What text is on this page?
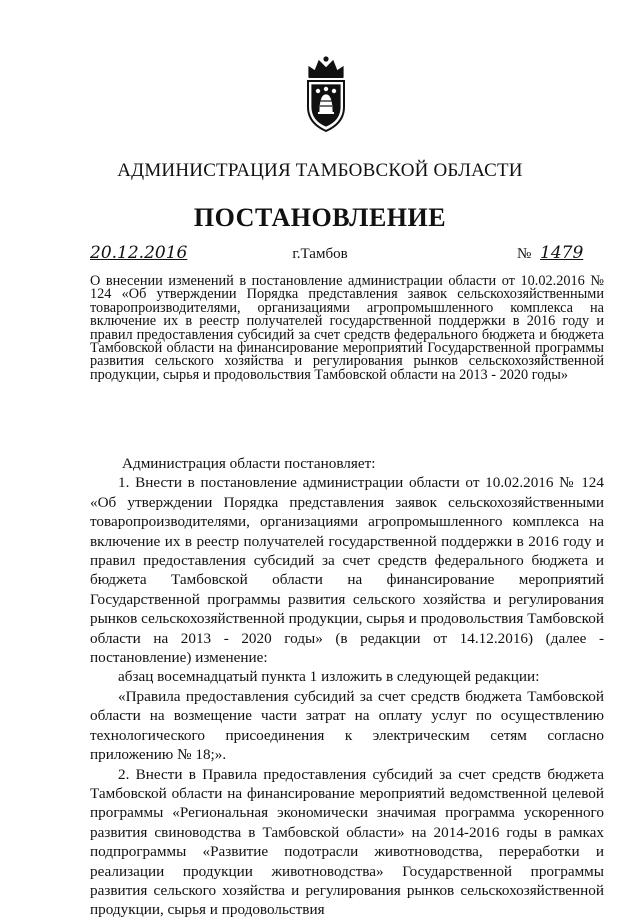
АДМИНИСТРАЦИЯ ТАМБОВСКОЙ ОБЛАСТИ
ПОСТАНОВЛЕНИЕ
20.12.2016	г.Тамбов	№ 1479
О внесении изменений в постановление администрации области от 10.02.2016 № 124 «Об утверждении Порядка представления заявок сельскохозяйственными товаропроизводителями, организациями агропромышленного комплекса на включение их в реестр получателей государственной поддержки в 2016 году и правил предоставления субсидий за счет средств федерального бюджета и бюджета Тамбовской области на финансирование мероприятий Государственной программы развития сельского хозяйства и регулирования рынков сельскохозяйственной продукции, сырья и продовольствия Тамбовской области на 2013 - 2020 годы»

Администрация области постановляет:

1. Внести в постановление администрации области от 10.02.2016 № 124 «Об утверждении Порядка представления заявок сельскохозяйственными товаропроизводителями, организациями агропромышленного комплекса на включение их в реестр получателей государственной поддержки в 2016 году и правил предоставления субсидий за счет средств федерального бюджета и бюджета Тамбовской области на финансирование мероприятий Государственной программы развития сельского хозяйства и регулирования рынков сельскохозяйственной продукции, сырья и продовольствия Тамбовской области на 2013 - 2020 годы» (в редакции от 14.12.2016) (далее - постановление) изменение:

абзац восемнадцатый пункта 1 изложить в следующей редакции:

«Правила предоставления субсидий за счет средств бюджета Тамбовской области на возмещение части затрат на оплату услуг по осуществлению технологического присоединения к электрическим сетям согласно приложению № 18;».

2. Внести в Правила предоставления субсидий за счет средств бюджета Тамбовской области на финансирование мероприятий ведомственной целевой программы «Региональная экономически значимая программа ускоренного развития свиноводства в Тамбовской области» на 2014-2016 годы в рамках подпрограммы «Развитие подотрасли животноводства, переработки и реализации продукции животноводства» Государственной программы развития сельского хозяйства и регулирования рынков сельскохозяйственной продукции, сырья и продовольствия
